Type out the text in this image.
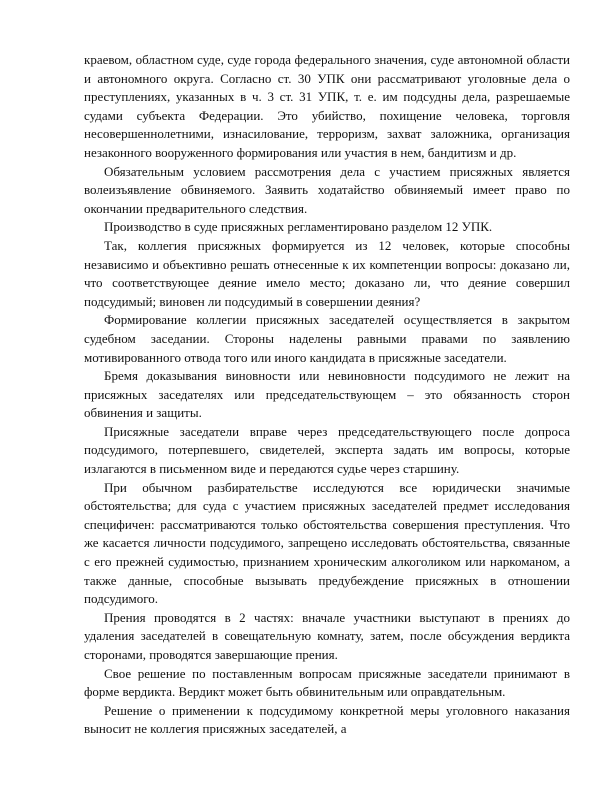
краевом, областном суде, суде города федерального значения, суде автономной области и автономного округа. Согласно ст. 30 УПК они рассматривают уголовные дела о преступлениях, указанных в ч. 3 ст. 31 УПК, т. е. им подсудны дела, разрешаемые судами субъекта Федерации. Это убийство, похищение человека, торговля несовершеннолетними, изнасилование, терроризм, захват заложника, организация незаконного вооруженного формирования или участия в нем, бандитизм и др.

Обязательным условием рассмотрения дела с участием присяжных является волеизъявление обвиняемого. Заявить ходатайство обвиняемый имеет право по окончании предварительного следствия.

Производство в суде присяжных регламентировано разделом 12 УПК.

Так, коллегия присяжных формируется из 12 человек, которые способны независимо и объективно решать отнесенные к их компетенции вопросы: доказано ли, что соответствующее деяние имело место; доказано ли, что деяние совершил подсудимый; виновен ли подсудимый в совершении деяния?

Формирование коллегии присяжных заседателей осуществляется в закрытом судебном заседании. Стороны наделены равными правами по заявлению мотивированного отвода того или иного кандидата в присяжные заседатели.

Бремя доказывания виновности или невиновности подсудимого не лежит на присяжных заседателях или председательствующем – это обязанность сторон обвинения и защиты.

Присяжные заседатели вправе через председательствующего после допроса подсудимого, потерпевшего, свидетелей, эксперта задать им вопросы, которые излагаются в письменном виде и передаются судье через старшину.

При обычном разбирательстве исследуются все юридически значимые обстоятельства; для суда с участием присяжных заседателей предмет исследования специфичен: рассматриваются только обстоятельства совершения преступления. Что же касается личности подсудимого, запрещено исследовать обстоятельства, связанные с его прежней судимостью, признанием хроническим алкоголиком или наркоманом, а также данные, способные вызывать предубеждение присяжных в отношении подсудимого.

Прения проводятся в 2 частях: вначале участники выступают в прениях до удаления заседателей в совещательную комнату, затем, после обсуждения вердикта сторонами, проводятся завершающие прения.

Свое решение по поставленным вопросам присяжные заседатели принимают в форме вердикта. Вердикт может быть обвинительным или оправдательным.

Решение о применении к подсудимому конкретной меры уголовного наказания выносит не коллегия присяжных заседателей, а
